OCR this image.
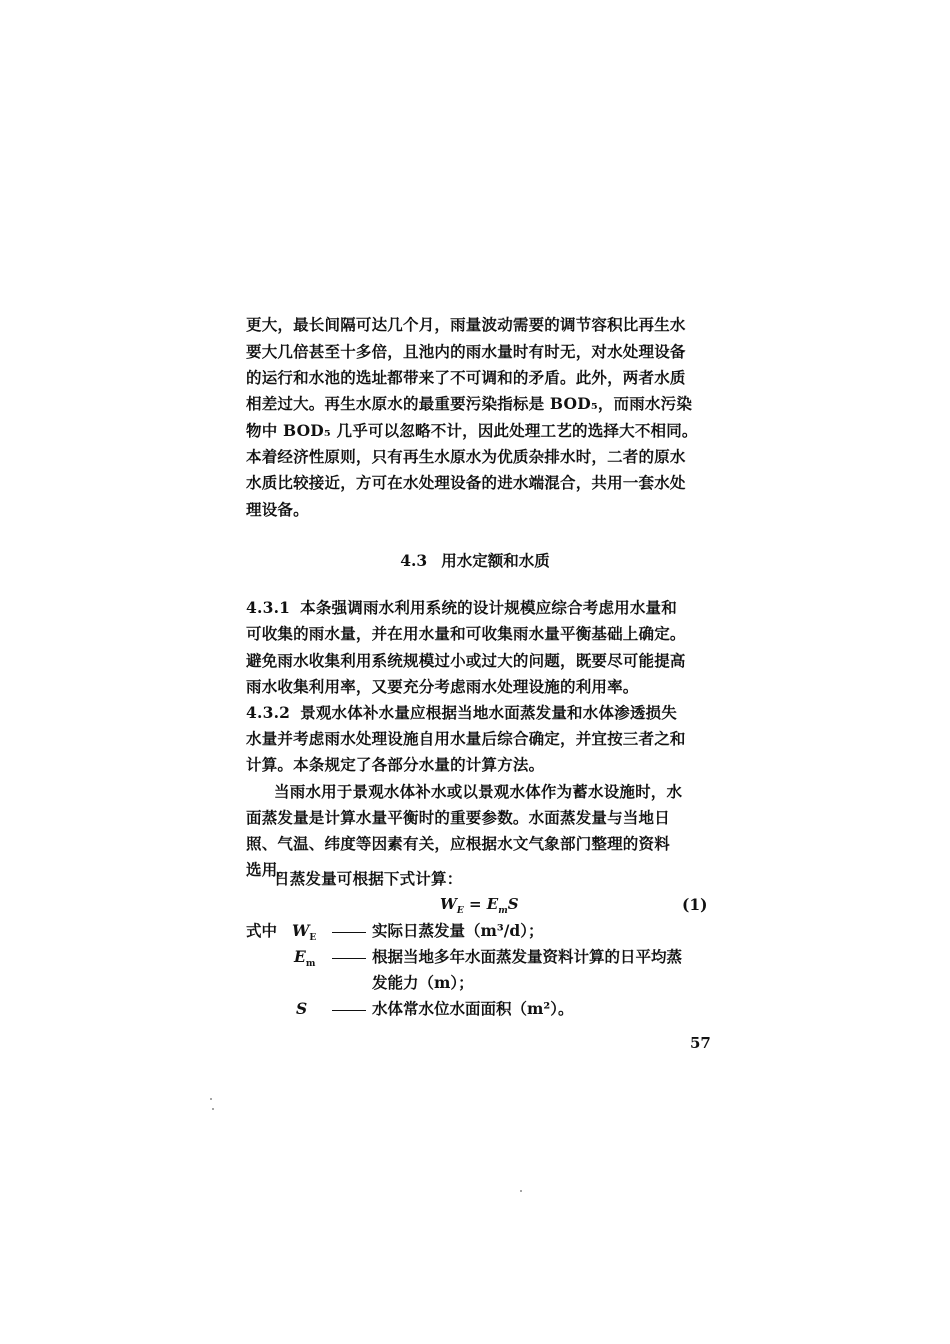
更大，最长间隔可达几个月，雨量波动需要的调节容积比再生水
要大几倍甚至十多倍，且池内的雨水量时有时无，对水处理设备
的运行和水池的选址都带来了不可调和的矛盾。此外，两者水质
相差过大。再生水原水的最重要污染指标是 BOD₅，而雨水污染
物中 BOD₅ 几乎可以忽略不计，因此处理工艺的选择大不相同。
本着经济性原则，只有再生水原水为优质杂排水时，二者的原水
水质比较接近，方可在水处理设备的进水端混合，共用一套水处
理设备。
4.3 用水定额和水质
4.3.1 本条强调雨水利用系统的设计规模应综合考虑用水量和
可收集的雨水量，并在用水量和可收集雨水量平衡基础上确定。
避免雨水收集利用系统规模过小或过大的问题，既要尽可能提高
雨水收集利用率，又要充分考虑雨水处理设施的利用率。
4.3.2 景观水体补水量应根据当地水面蒸发量和水体渗透损失
水量并考虑雨水处理设施自用水量后综合确定，并宜按三者之和
计算。本条规定了各部分水量的计算方法。
当雨水用于景观水体补水或以景观水体作为蓄水设施时，水
面蒸发量是计算水量平衡时的重要参数。水面蒸发量与当地日
照、气温、纬度等因素有关，应根据水文气象部门整理的资料
选用。
日蒸发量可根据下式计算：
$W_E = E_mS$	(1)
式中 $W_E$	实际日蒸发量（m³/d）；
$E_m$	根据当地多年水面蒸发量资料计算的日平均蒸
发能力（m）；
S	水体常水位水面面积（m²）。
57
